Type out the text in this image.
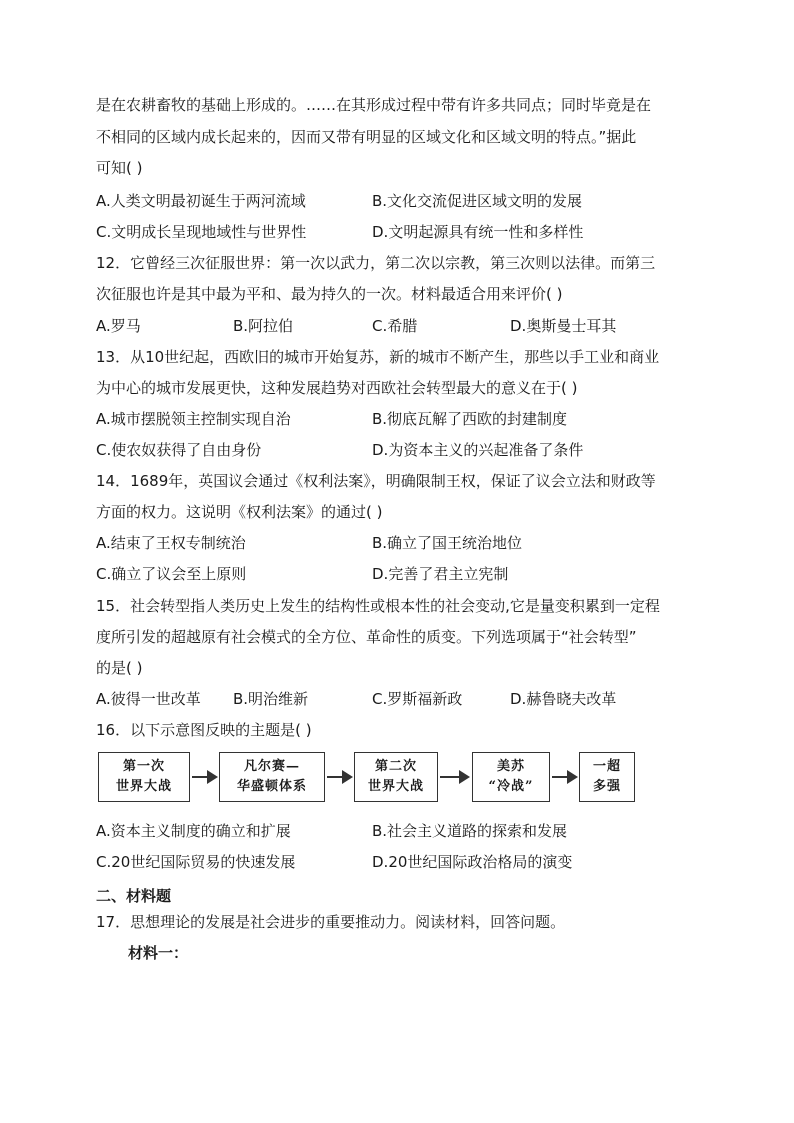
是在农耕畜牧的基础上形成的。……在其形成过程中带有许多共同点；同时毕竟是在
不相同的区域内成长起来的，因而又带有明显的区域文化和区域文明的特点。”据此
可知( )
A.人类文明最初诞生于两河流域	B.文化交流促进区域文明的发展
C.文明成长呈现地域性与世界性	D.文明起源具有统一性和多样性
12．它曾经三次征服世界：第一次以武力，第二次以宗教，第三次则以法律。而第三
次征服也许是其中最为平和、最为持久的一次。材料最适合用来评价( )
A.罗马	B.阿拉伯	C.希腊	D.奥斯曼士耳其
13．从10世纪起，西欧旧的城市开始复苏，新的城市不断产生，那些以手工业和商业
为中心的城市发展更快，这种发展趋势对西欧社会转型最大的意义在于( )
A.城市摆脱领主控制实现自治	B.彻底瓦解了西欧的封建制度
C.使农奴获得了自由身份	D.为资本主义的兴起准备了条件
14．1689年，英国议会通过《权利法案》，明确限制王权，保证了议会立法和财政等
方面的权力。这说明《权利法案》的通过( )
A.结束了王权专制统治	B.确立了国王统治地位
C.确立了议会至上原则	D.完善了君主立宪制
15．社会转型指人类历史上发生的结构性或根本性的社会变动,它是量变积累到一定程
度所引发的超越原有社会模式的全方位、革命性的质变。下列选项属于“社会转型”
的是( )
A.彼得一世改革 B.明治维新	C.罗斯福新政	D.赫鲁晓夫改革
16．以下示意图反映的主题是( )
第一次
世界大战
凡尔赛—
华盛顿体系
第二次
世界大战
美苏
“冷战”
一超
多强
A.资本主义制度的确立和扩展	B.社会主义道路的探索和发展
C.20世纪国际贸易的快速发展	D.20世纪国际政治格局的演变
二、材料题
17．思想理论的发展是社会进步的重要推动力。阅读材料，回答问题。
材料一：
